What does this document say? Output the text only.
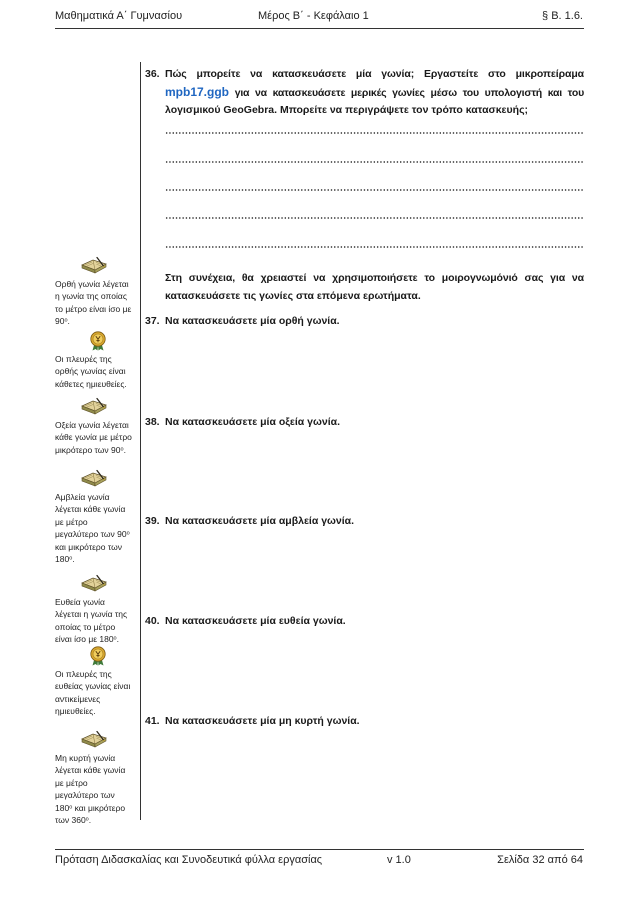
Μαθηματικά Α΄ Γυμνασίου	Μέρος Β΄ - Κεφάλαιο 1	§ Β. 1.6.
36. Πώς μπορείτε να κατασκευάσετε μία γωνία; Εργαστείτε στο μικροπείραμα
mpb17.ggb για να κατασκευάσετε μερικές γωνίες μέσω του υπολογιστή και του
λογισμικού GeoGebra. Μπορείτε να περιγράψετε τον τρόπο κατασκευής;
Στη συνέχεια, θα χρειαστεί να χρησιμοποιήσετε το μοιρογνωμόνιό σας για να
κατασκευάσετε τις γωνίες στα επόμενα ερωτήματα.
37. Να κατασκευάσετε μία ορθή γωνία.
38. Να κατασκευάσετε μία οξεία γωνία.
39. Να κατασκευάσετε μία αμβλεία γωνία.
40. Να κατασκευάσετε μία ευθεία γωνία.
41. Να κατασκευάσετε μία μη κυρτή γωνία.
Ορθή γωνία λέγεται
η γωνία της οποίας
το μέτρο είναι ίσο με
90$^o$.
Οι πλευρές της
ορθής γωνίας είναι
κάθετες ημιευθείες.
Οξεία γωνία λέγεται
κάθε γωνία με μέτρο
μικρότερο των 90$^o$.
Αμβλεία γωνία
λέγεται κάθε γωνία
με μέτρο
μεγαλύτερο των 90$^o$
και μικρότερο των
180$^o$.
Ευθεία γωνία
λέγεται η γωνία της
οποίας το μέτρο
είναι ίσο με 180$^o$.
Οι πλευρές της
ευθείας γωνίας είναι
αντικείμενες
ημιευθείες.
Μη κυρτή γωνία
λέγεται κάθε γωνία
με μέτρο
μεγαλύτερο των
180$^o$ και μικρότερο
των 360$^o$.
Πρόταση Διδασκαλίας και Συνοδευτικά φύλλα εργασίας	v 1.0	Σελίδα 32 από 64
